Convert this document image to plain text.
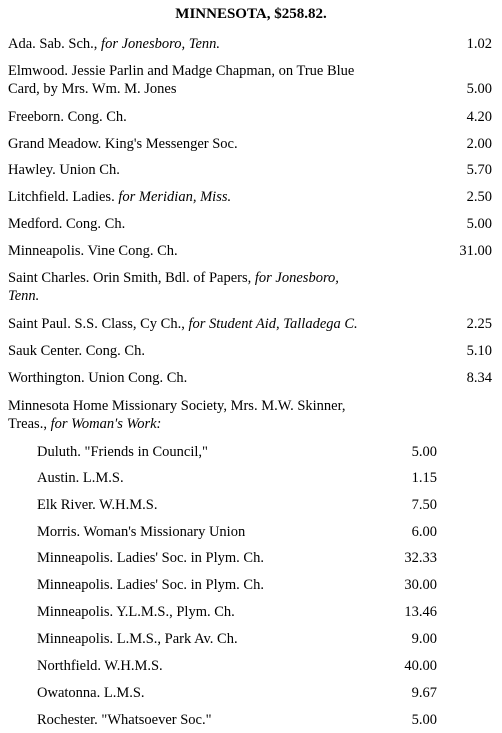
MINNESOTA, $258.82.
Ada. Sab. Sch., for Jonesboro, Tenn.	1.02
Elmwood. Jessie Parlin and Madge Chapman, on True Blue
Card, by Mrs. Wm. M. Jones	5.00
Freeborn. Cong. Ch.	4.20
Grand Meadow. King's Messenger Soc.	2.00
Hawley. Union Ch.	5.70
Litchfield. Ladies. for Meridian, Miss.	2.50
Medford. Cong. Ch.	5.00
Minneapolis. Vine Cong. Ch.	31.00
Saint Charles. Orin Smith, Bdl. of Papers, for Jonesboro,
Tenn.
Saint Paul. S.S. Class, Cy Ch., for Student Aid, Talladega C.	2.25
Sauk Center. Cong. Ch.	5.10
Worthington. Union Cong. Ch.	8.34
Minnesota Home Missionary Society, Mrs. M.W. Skinner,
Treas., for Woman's Work:
Duluth. "Friends in Council,"	5.00
Austin. L.M.S.	1.15
Elk River. W.H.M.S.	7.50
Morris. Woman's Missionary Union	6.00
Minneapolis. Ladies' Soc. in Plym. Ch.	32.33
Minneapolis. Ladies' Soc. in Plym. Ch.	30.00
Minneapolis. Y.L.M.S., Plym. Ch.	13.46
Minneapolis. L.M.S., Park Av. Ch.	9.00
Northfield. W.H.M.S.	40.00
Owatonna. L.M.S.	9.67
Rochester. "Whatsoever Soc."	5.00
